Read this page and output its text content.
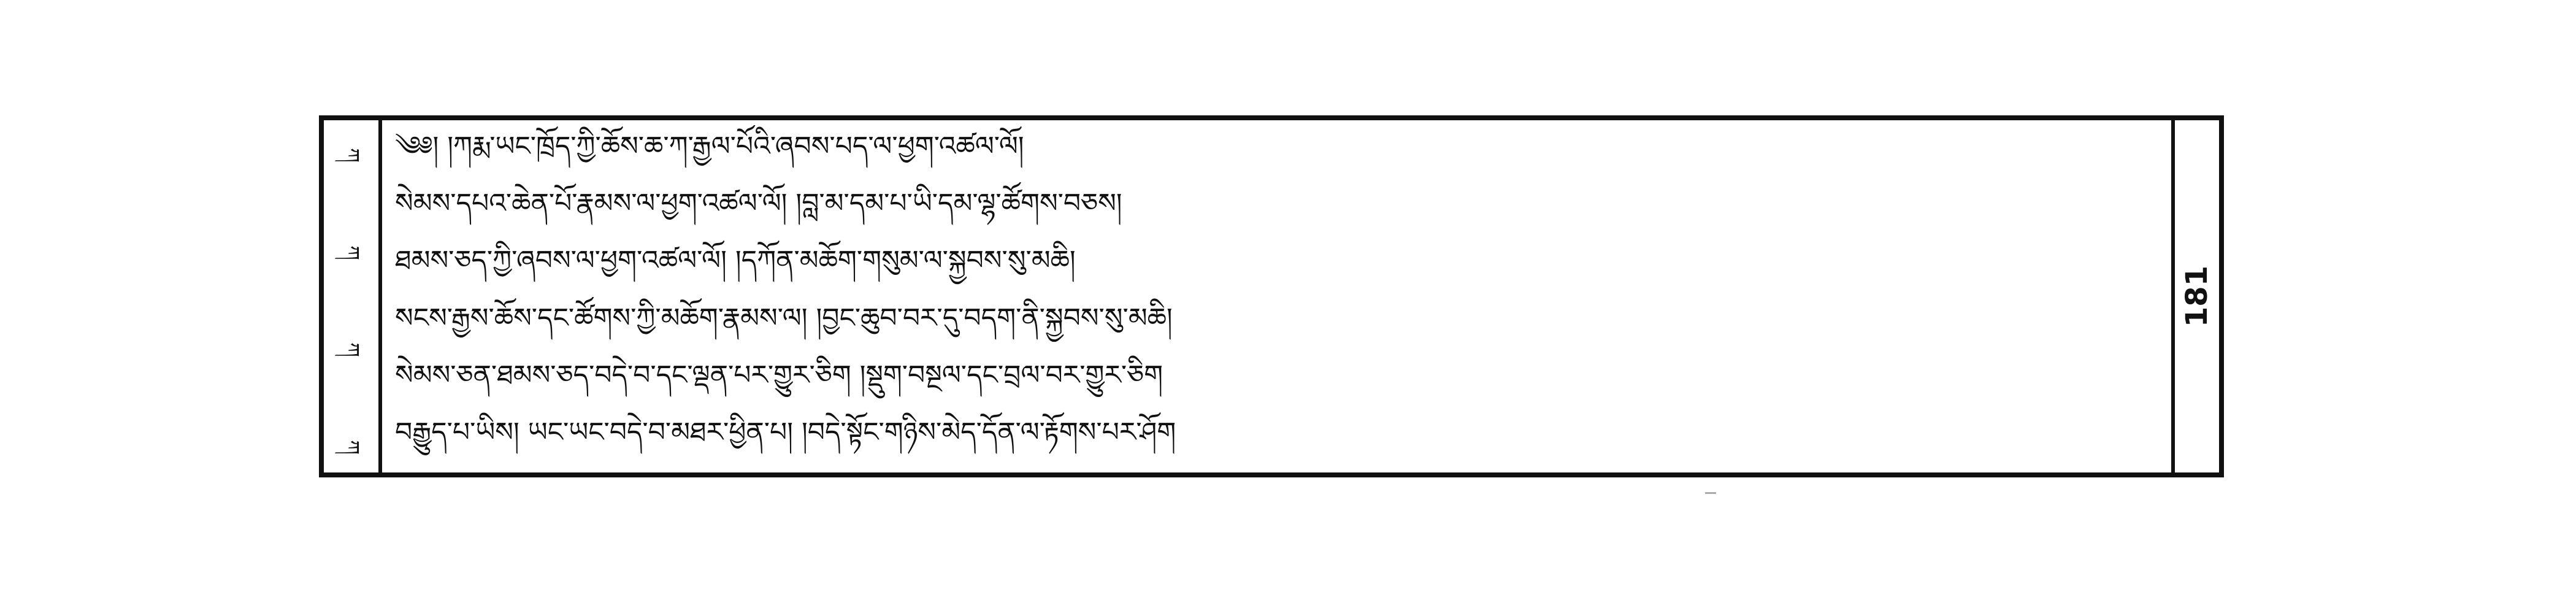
ཀ
ཀ
ཀ
ཀ
༄༅། །ཀརྨ་ཡང་ཁྲོད་ཀྱི་ཆོས་ཆ་ཀ་རྒྱལ་པོའི་ཞབས་པད་ལ་ཕྱག་འཚལ་ལོ།
སེམས་དཔའ་ཆེན་པོ་རྣམས་ལ་ཕྱག་འཚལ་ལོ། །བླ་མ་དམ་པ་ཡི་དམ་ལྷ་ཚོགས་བཅས།
ཐམས་ཅད་ཀྱི་ཞབས་ལ་ཕྱག་འཚལ་ལོ། །དཀོན་མཆོག་གསུམ་ལ་སྐྱབས་སུ་མཆི།
སངས་རྒྱས་ཆོས་དང་ཚོགས་ཀྱི་མཆོག་རྣམས་ལ། །བྱང་ཆུབ་བར་དུ་བདག་ནི་སྐྱབས་སུ་མཆི།
སེམས་ཅན་ཐམས་ཅད་བདེ་བ་དང་ལྡན་པར་གྱུར་ཅིག །སྡུག་བསྔལ་དང་བྲལ་བར་གྱུར་ཅིག
བརྒྱུད་པ་ཡིས། ཡང་ཡང་བདེ་བ་མཐར་ཕྱིན་པ། །བདེ་སྟོང་གཉིས་མེད་དོན་ལ་རྟོགས་པར་ཤོག
181
